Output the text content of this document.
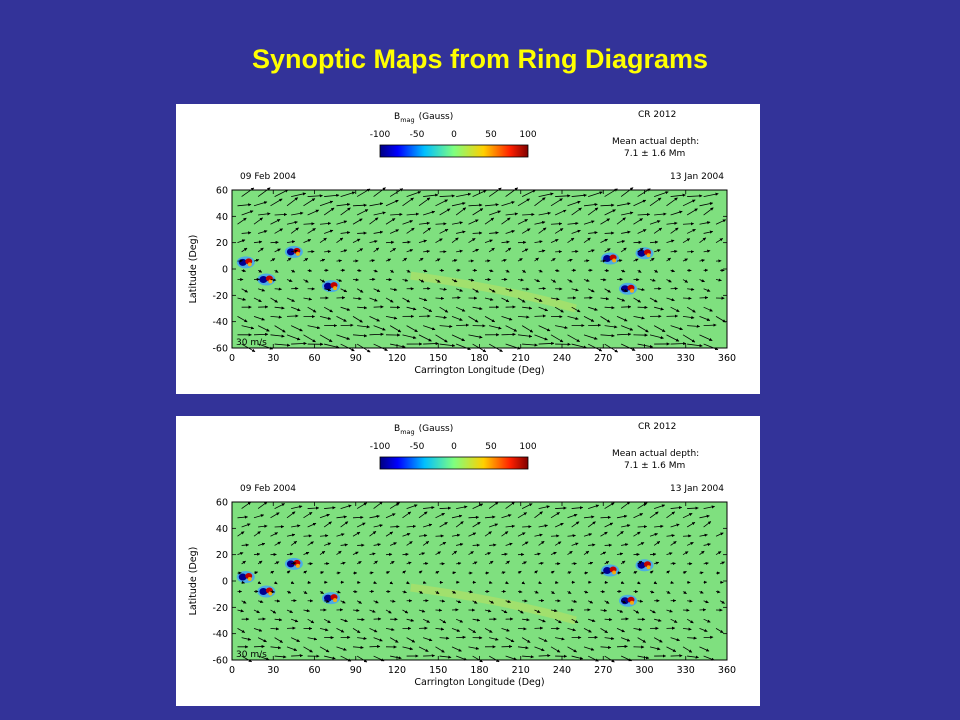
Synoptic Maps from Ring Diagrams
$B_{mag}$ (Gauss)
-100 -50	0	50	100
CR 2012
Mean actual depth:
7.1 ± 1.6 Mm
09 Feb 2004	13 Jan 2004
0	30	60	90	120 150 180 210 240 270 300 330 360
60
40
20
0
-20
-40
-60
Carrington Longitude (Deg)
Latitude (Deg)
30 m/s
$B_{mag}$ (Gauss)
-100 -50	0	50	100
CR 2012
Mean actual depth:
7.1 ± 1.6 Mm
09 Feb 2004	13 Jan 2004
0	30	60	90	120 150 180 210 240 270 300 330 360
60
40
20
0
-20
-40
-60
Carrington Longitude (Deg)
Latitude (Deg)
30 m/s
